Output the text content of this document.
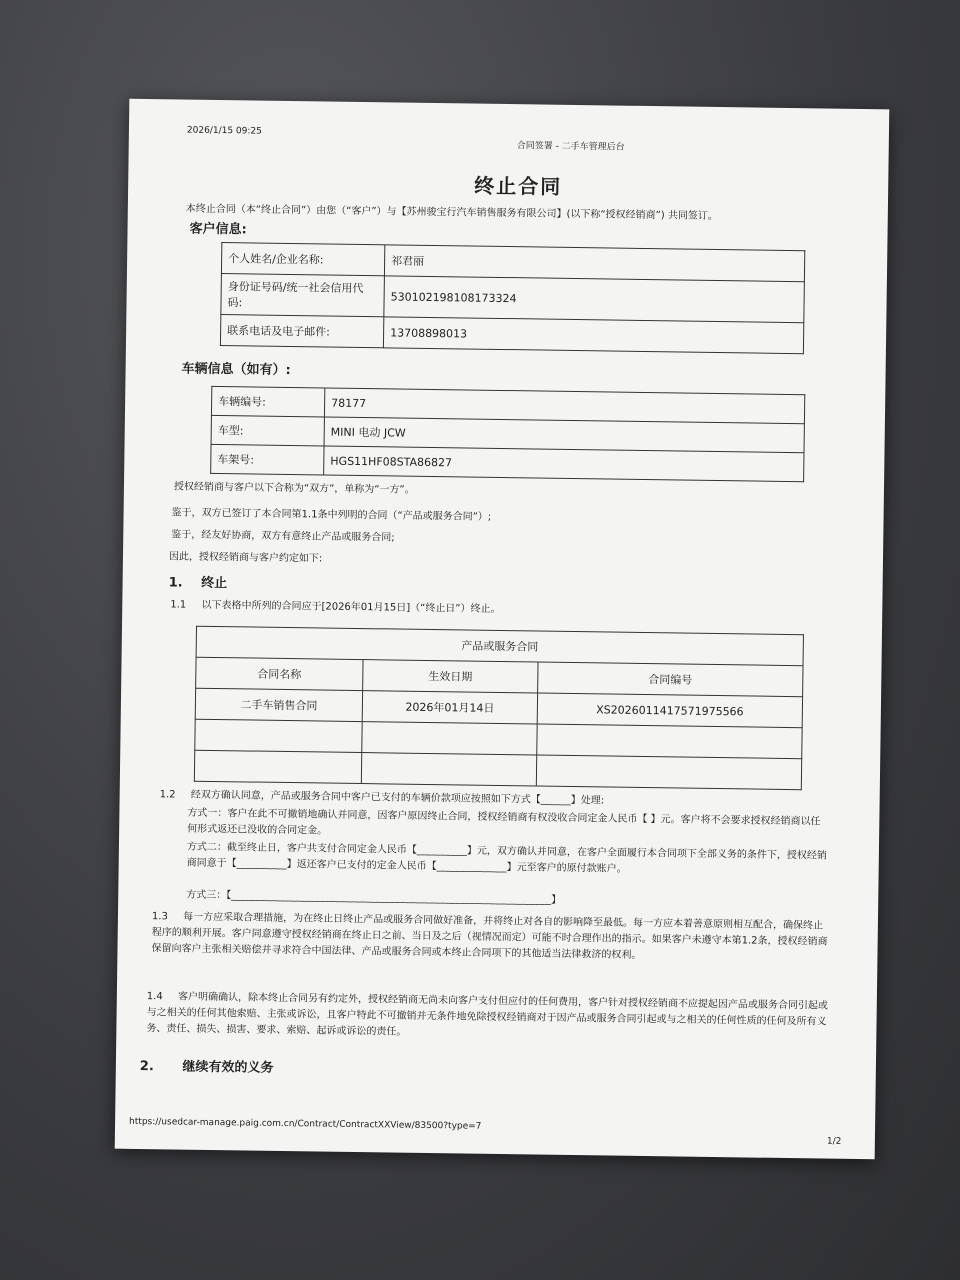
2026/1/15 09:25
合同签署 - 二手车管理后台
终止合同
本终止合同（本“终止合同”）由您（“客户”）与【苏州骏宝行汽车销售服务有限公司】(以下称“授权经销商”) 共同签订。
客户信息:
个人姓名/企业名称:	祁君丽
身份证号码/统一社会信用代码:	530102198108173324
联系电话及电子邮件:	13708898013
车辆信息（如有）:
车辆编号:	78177
车型:	MINI 电动 JCW
车架号:	HGS11HF08STA86827
授权经销商与客户以下合称为“双方”，单称为“一方”。
鉴于，双方已签订了本合同第1.1条中列明的合同（“产品或服务合同”）;
鉴于，经友好协商，双方有意终止产品或服务合同;
因此，授权经销商与客户约定如下:
1. 终止
1.1 以下表格中所列的合同应于[2026年01月15日]（“终止日”）终止。
产品或服务合同		
合同名称	生效日期	合同编号
二手车销售合同	2026年01月14日	XS2026011417571975566

1.2 经双方确认同意，产品或服务合同中客户已支付的车辆价款项应按照如下方式【______】处理:
方式一：客户在此不可撤销地确认并同意，因客户原因终止合同，授权经销商有权没收合同定金人民币【 】元。客户将不会要求授权经销商以任何形式返还已没收的合同定金。
方式二：截至终止日，客户共支付合同定金人民币【__________】元，双方确认并同意，在客户全面履行本合同项下全部义务的条件下，授权经销商同意于【__________】返还客户已支付的定金人民币【______________】元至客户的原付款账户。
方式三：【________________________________________________________________】
1.3 每一方应采取合理措施，为在终止日终止产品或服务合同做好准备，并将终止对各自的影响降至最低。每一方应本着善意原则相互配合，确保终止程序的顺利开展。客户同意遵守授权经销商在终止日之前、当日及之后（视情况而定）可能不时合理作出的指示。如果客户未遵守本第1.2条，授权经销商保留向客户主张相关赔偿并寻求符合中国法律、产品或服务合同或本终止合同项下的其他适当法律救济的权利。
1.4 客户明确确认，除本终止合同另有约定外，授权经销商无尚未向客户支付但应付的任何费用，客户针对授权经销商不应提起因产品或服务合同引起或与之相关的任何其他索赔、主张或诉讼，且客户特此不可撤销并无条件地免除授权经销商对于因产品或服务合同引起或与之相关的任何性质的任何及所有义务、责任、损失、损害、要求、索赔、起诉或诉讼的责任。
2. 继续有效的义务
https://usedcar-manage.paig.com.cn/Contract/ContractXXView/83500?type=7
1/2
